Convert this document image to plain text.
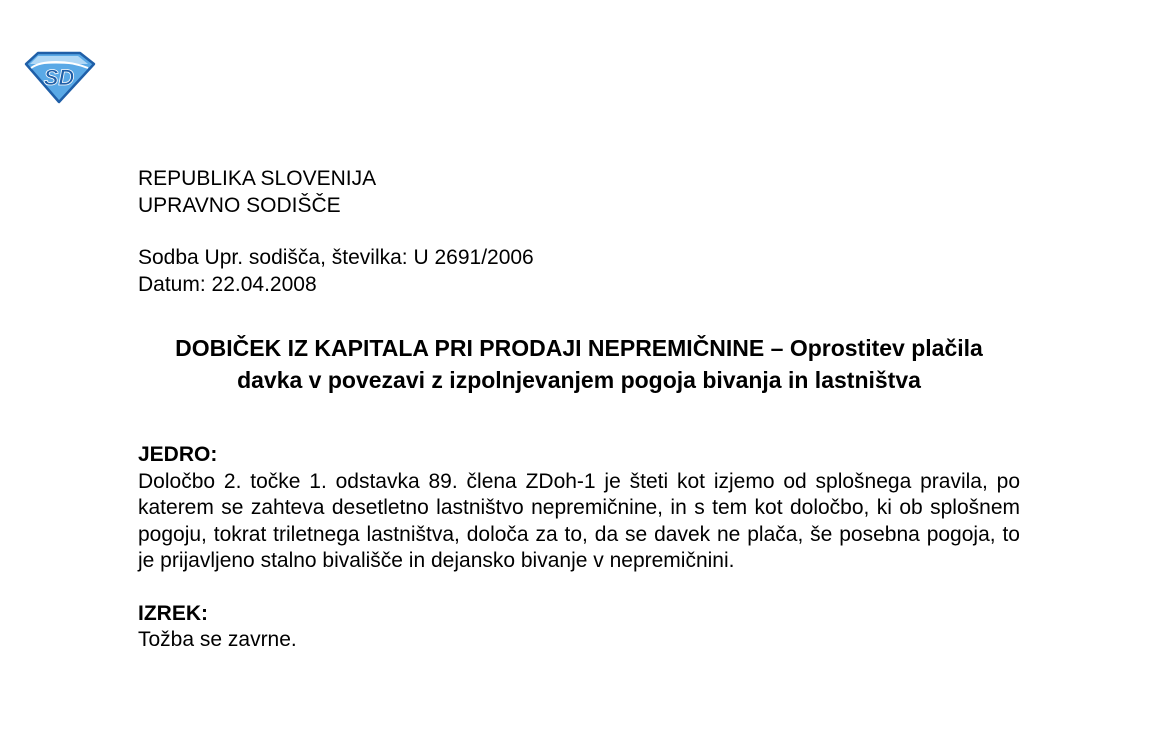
SD
REPUBLIKA SLOVENIJA
UPRAVNO SODIŠČE
Sodba Upr. sodišča, številka: U 2691/2006
Datum: 22.04.2008
DOBIČEK IZ KAPITALA PRI PRODAJI NEPREMIČNINE – Oprostitev plačila davka v povezavi z izpolnjevanjem pogoja bivanja in lastništva
JEDRO:
Določbo 2. točke 1. odstavka 89. člena ZDoh-1 je šteti kot izjemo od splošnega pravila, po katerem se zahteva desetletno lastništvo nepremičnine, in s tem kot določbo, ki ob splošnem pogoju, tokrat triletnega lastništva, določa za to, da se davek ne plača, še posebna pogoja, to je prijavljeno stalno bivališče in dejansko bivanje v nepremičnini.
IZREK:
Tožba se zavrne.
